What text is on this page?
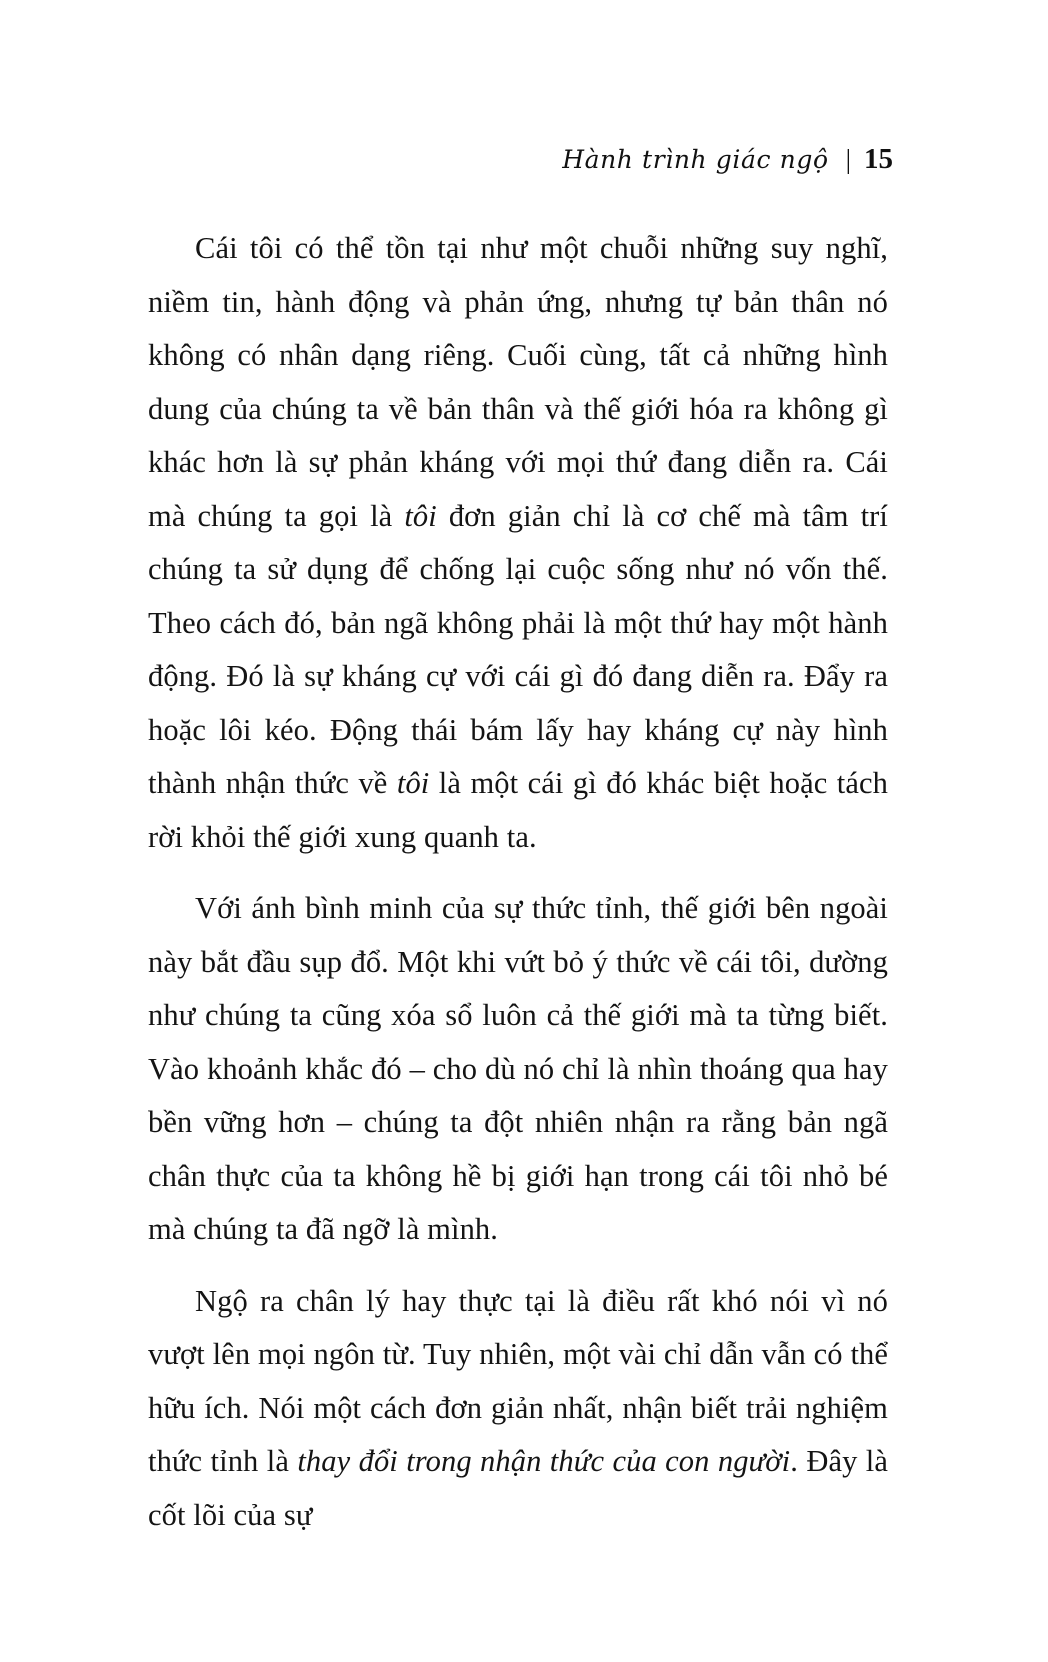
Hành trình giác ngộ | 15

Cái tôi có thể tồn tại như một chuỗi những suy nghĩ, niềm tin, hành động và phản ứng, nhưng tự bản thân nó không có nhân dạng riêng. Cuối cùng, tất cả những hình dung của chúng ta về bản thân và thế giới hóa ra không gì khác hơn là sự phản kháng với mọi thứ đang diễn ra. Cái mà chúng ta gọi là tôi đơn giản chỉ là cơ chế mà tâm trí chúng ta sử dụng để chống lại cuộc sống như nó vốn thế. Theo cách đó, bản ngã không phải là một thứ hay một hành động. Đó là sự kháng cự với cái gì đó đang diễn ra. Đẩy ra hoặc lôi kéo. Động thái bám lấy hay kháng cự này hình thành nhận thức về tôi là một cái gì đó khác biệt hoặc tách rời khỏi thế giới xung quanh ta.

Với ánh bình minh của sự thức tỉnh, thế giới bên ngoài này bắt đầu sụp đổ. Một khi vứt bỏ ý thức về cái tôi, dường như chúng ta cũng xóa sổ luôn cả thế giới mà ta từng biết. Vào khoảnh khắc đó – cho dù nó chỉ là nhìn thoáng qua hay bền vững hơn – chúng ta đột nhiên nhận ra rằng bản ngã chân thực của ta không hề bị giới hạn trong cái tôi nhỏ bé mà chúng ta đã ngỡ là mình.

Ngộ ra chân lý hay thực tại là điều rất khó nói vì nó vượt lên mọi ngôn từ. Tuy nhiên, một vài chỉ dẫn vẫn có thể hữu ích. Nói một cách đơn giản nhất, nhận biết trải nghiệm thức tỉnh là thay đổi trong nhận thức của con người. Đây là cốt lõi của sự
